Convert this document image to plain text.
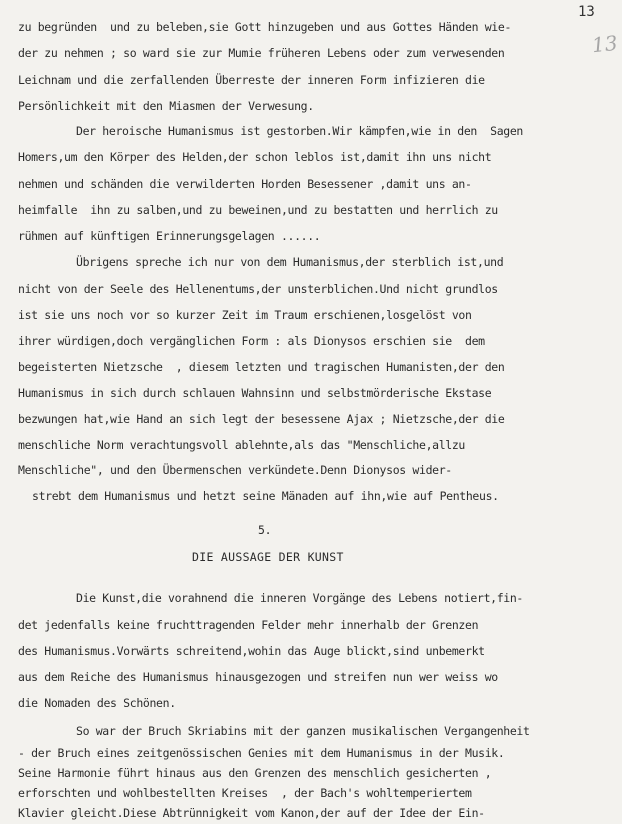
13
13
zu begründen  und zu beleben,sie Gott hinzugeben und aus Gottes Händen wie-
der zu nehmen ; so ward sie zur Mumie früheren Lebens oder zum verwesenden
Leichnam und die zerfallenden Überreste der inneren Form infizieren die
Persönlichkeit mit den Miasmen der Verwesung.
Der heroische Humanismus ist gestorben.Wir kämpfen,wie in den  Sagen
Homers,um den Körper des Helden,der schon leblos ist,damit ihn uns nicht
nehmen und schänden die verwilderten Horden Besessener ,damit uns an-
heimfalle  ihn zu salben,und zu beweinen,und zu bestatten und herrlich zu
rühmen auf künftigen Erinnerungsgelagen ......
Übrigens spreche ich nur von dem Humanismus,der sterblich ist,und
nicht von der Seele des Hellenentums,der unsterblichen.Und nicht grundlos
ist sie uns noch vor so kurzer Zeit im Traum erschienen,losgelöst von
ihrer würdigen,doch vergänglichen Form : als Dionysos erschien sie  dem
begeisterten Nietzsche  , diesem letzten und tragischen Humanisten,der den
Humanismus in sich durch schlauen Wahnsinn und selbstmörderische Ekstase
bezwungen hat,wie Hand an sich legt der besessene Ajax ; Nietzsche,der die
menschliche Norm verachtungsvoll ablehnte,als das "Menschliche,allzu
Menschliche", und den Übermenschen verkündete.Denn Dionysos wider-
strebt dem Humanismus und hetzt seine Mänaden auf ihn,wie auf Pentheus.
5.
DIE AUSSAGE DER KUNST
Die Kunst,die vorahnend die inneren Vorgänge des Lebens notiert,fin-
det jedenfalls keine fruchttragenden Felder mehr innerhalb der Grenzen
des Humanismus.Vorwärts schreitend,wohin das Auge blickt,sind unbemerkt
aus dem Reiche des Humanismus hinausgezogen und streifen nun wer weiss wo
die Nomaden des Schönen.
So war der Bruch Skriabins mit der ganzen musikalischen Vergangenheit
- der Bruch eines zeitgenössischen Genies mit dem Humanismus in der Musik.
Seine Harmonie führt hinaus aus den Grenzen des menschlich gesicherten ,
erforschten und wohlbestellten Kreises  , der Bach's wohltemperiertem
Klavier gleicht.Diese Abtrünnigkeit vom Kanon,der auf der Idee der Ein-
